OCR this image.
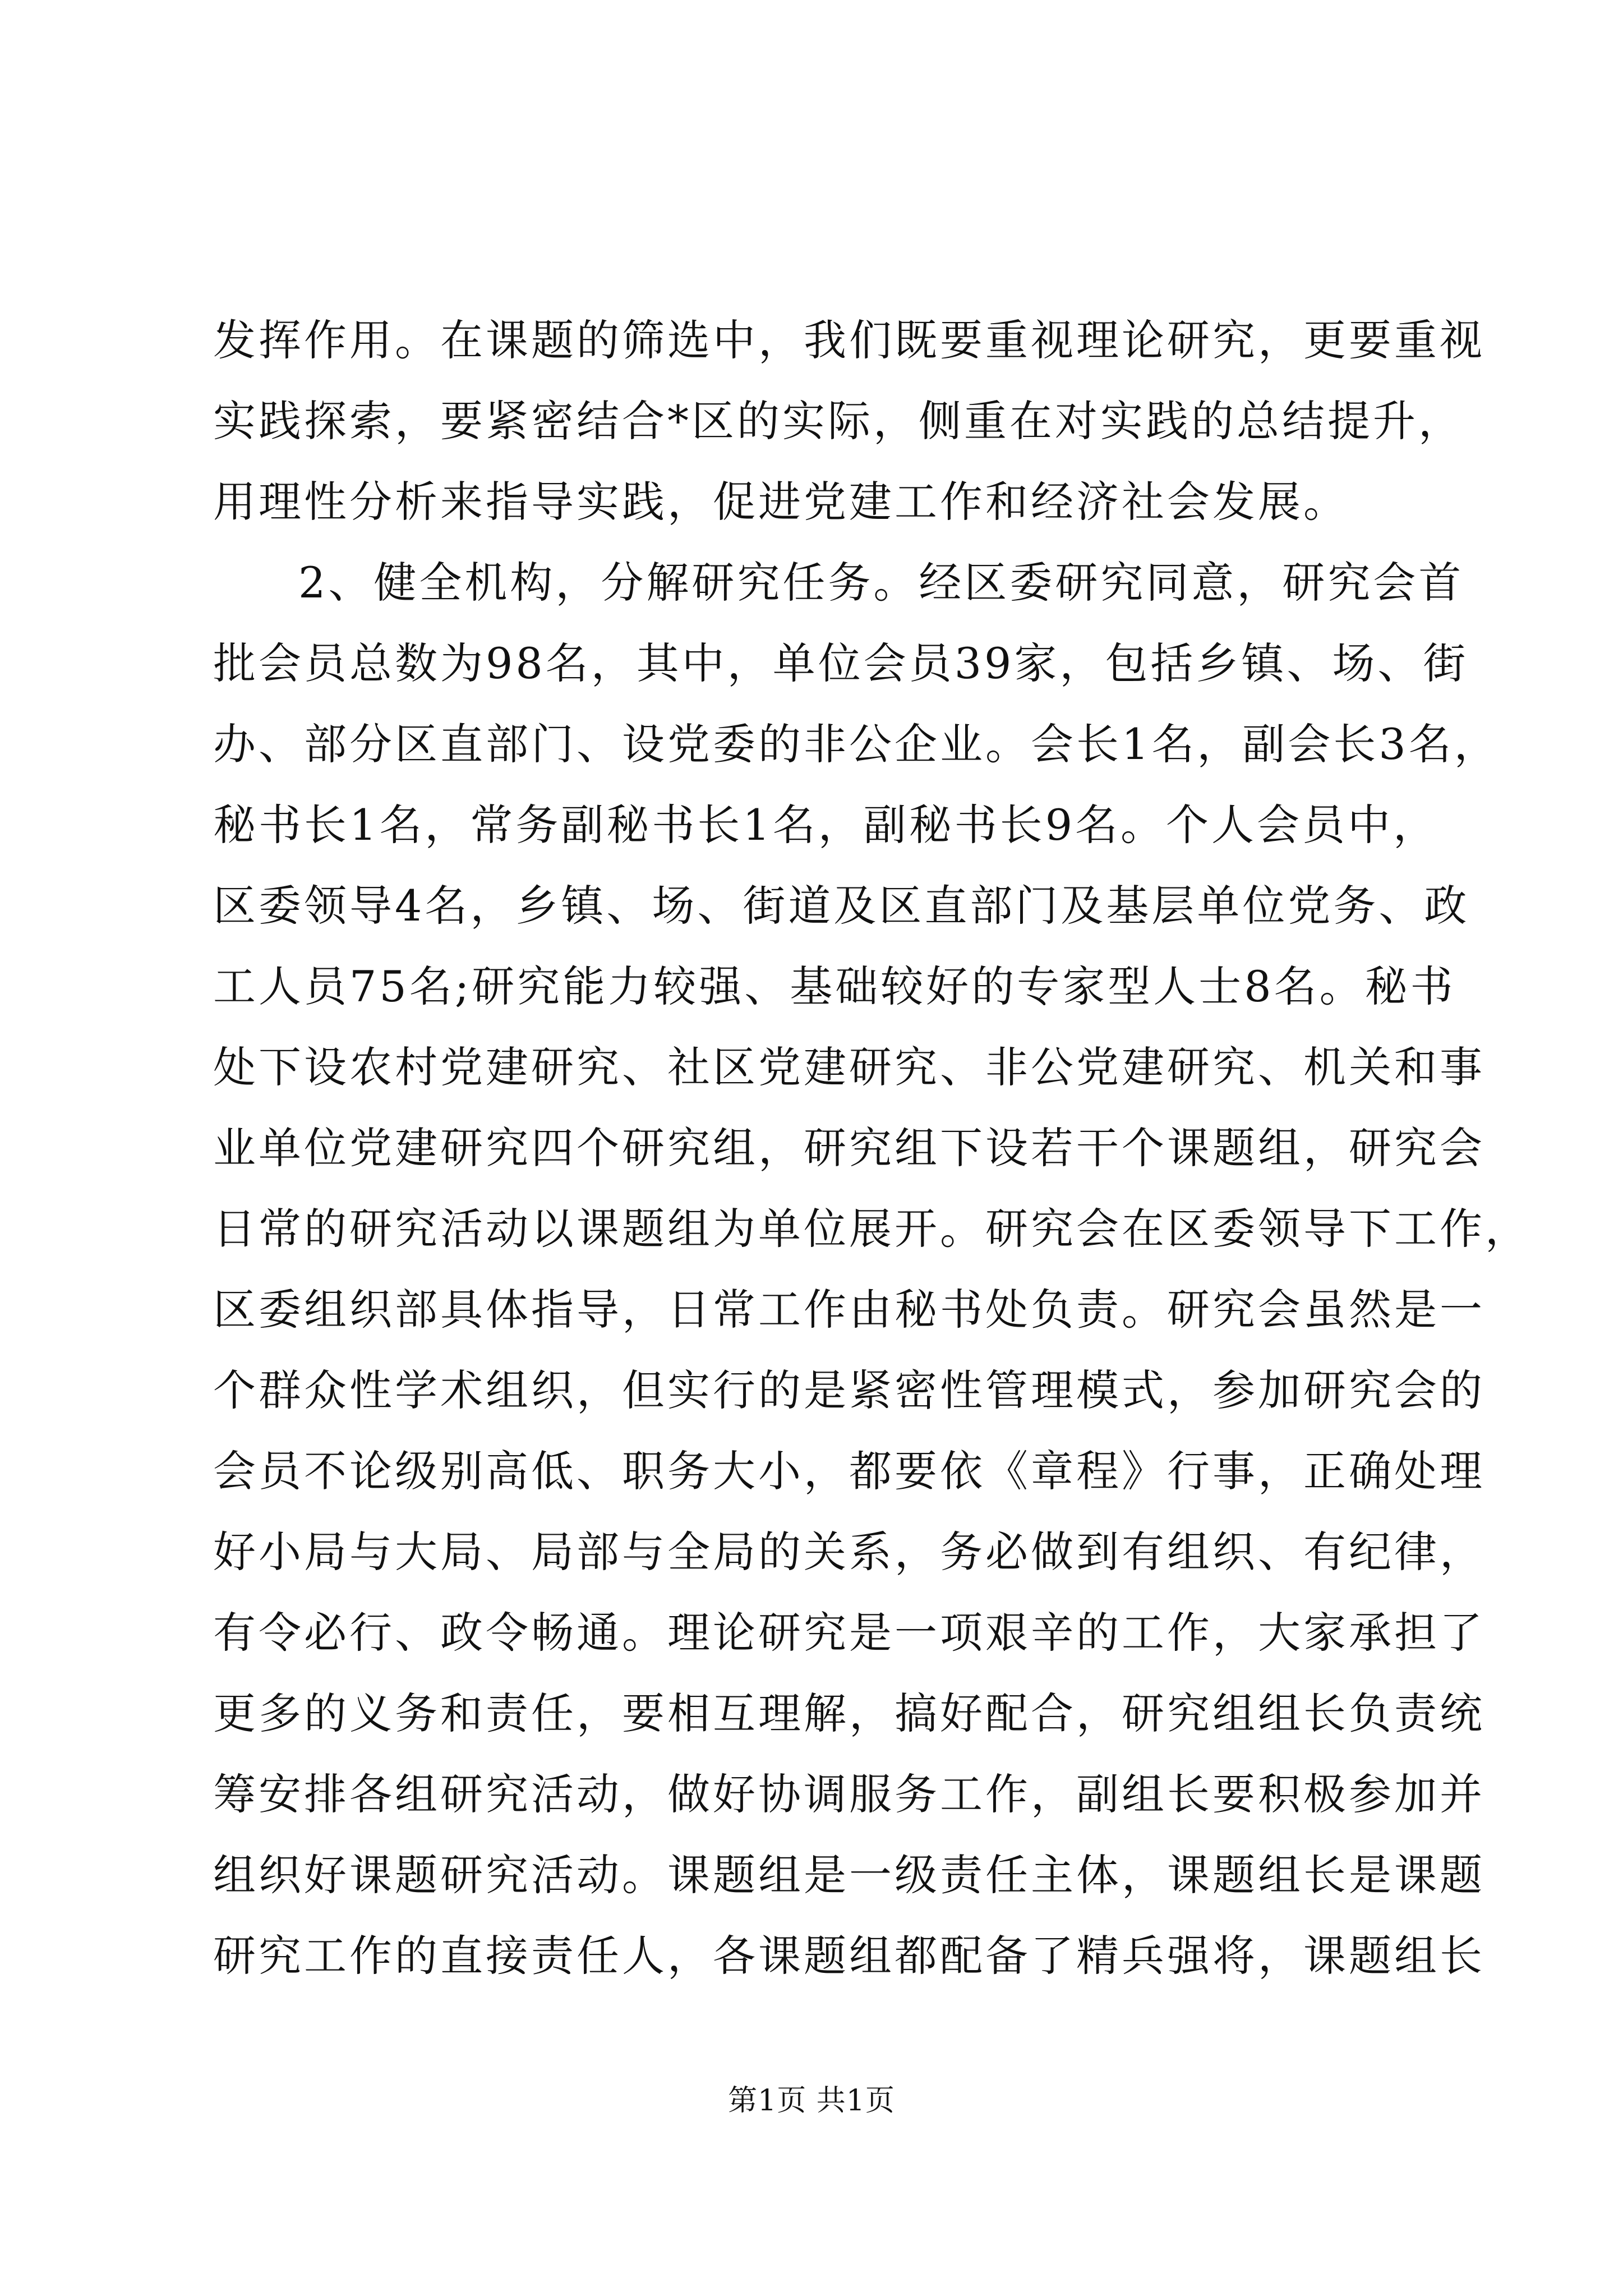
发挥作用。在课题的筛选中，我们既要重视理论研究，更要重视
实践探索，要紧密结合*区的实际，侧重在对实践的总结提升，
用理性分析来指导实践，促进党建工作和经济社会发展。
2、健全机构，分解研究任务。经区委研究同意，研究会首
批会员总数为98名，其中，单位会员39家，包括乡镇、场、街
办、部分区直部门、设党委的非公企业。会长1名，副会长3名，
秘书长1名，常务副秘书长1名，副秘书长9名。个人会员中，
区委领导4名，乡镇、场、街道及区直部门及基层单位党务、政
工人员75名;研究能力较强、基础较好的专家型人士8名。秘书
处下设农村党建研究、社区党建研究、非公党建研究、机关和事
业单位党建研究四个研究组，研究组下设若干个课题组，研究会
日常的研究活动以课题组为单位展开。研究会在区委领导下工作，
区委组织部具体指导，日常工作由秘书处负责。研究会虽然是一
个群众性学术组织，但实行的是紧密性管理模式，参加研究会的
会员不论级别高低、职务大小，都要依《章程》行事，正确处理
好小局与大局、局部与全局的关系，务必做到有组织、有纪律，
有令必行、政令畅通。理论研究是一项艰辛的工作，大家承担了
更多的义务和责任，要相互理解，搞好配合，研究组组长负责统
筹安排各组研究活动，做好协调服务工作，副组长要积极参加并
组织好课题研究活动。课题组是一级责任主体，课题组长是课题
研究工作的直接责任人，各课题组都配备了精兵强将，课题组长
第1页 共1页
